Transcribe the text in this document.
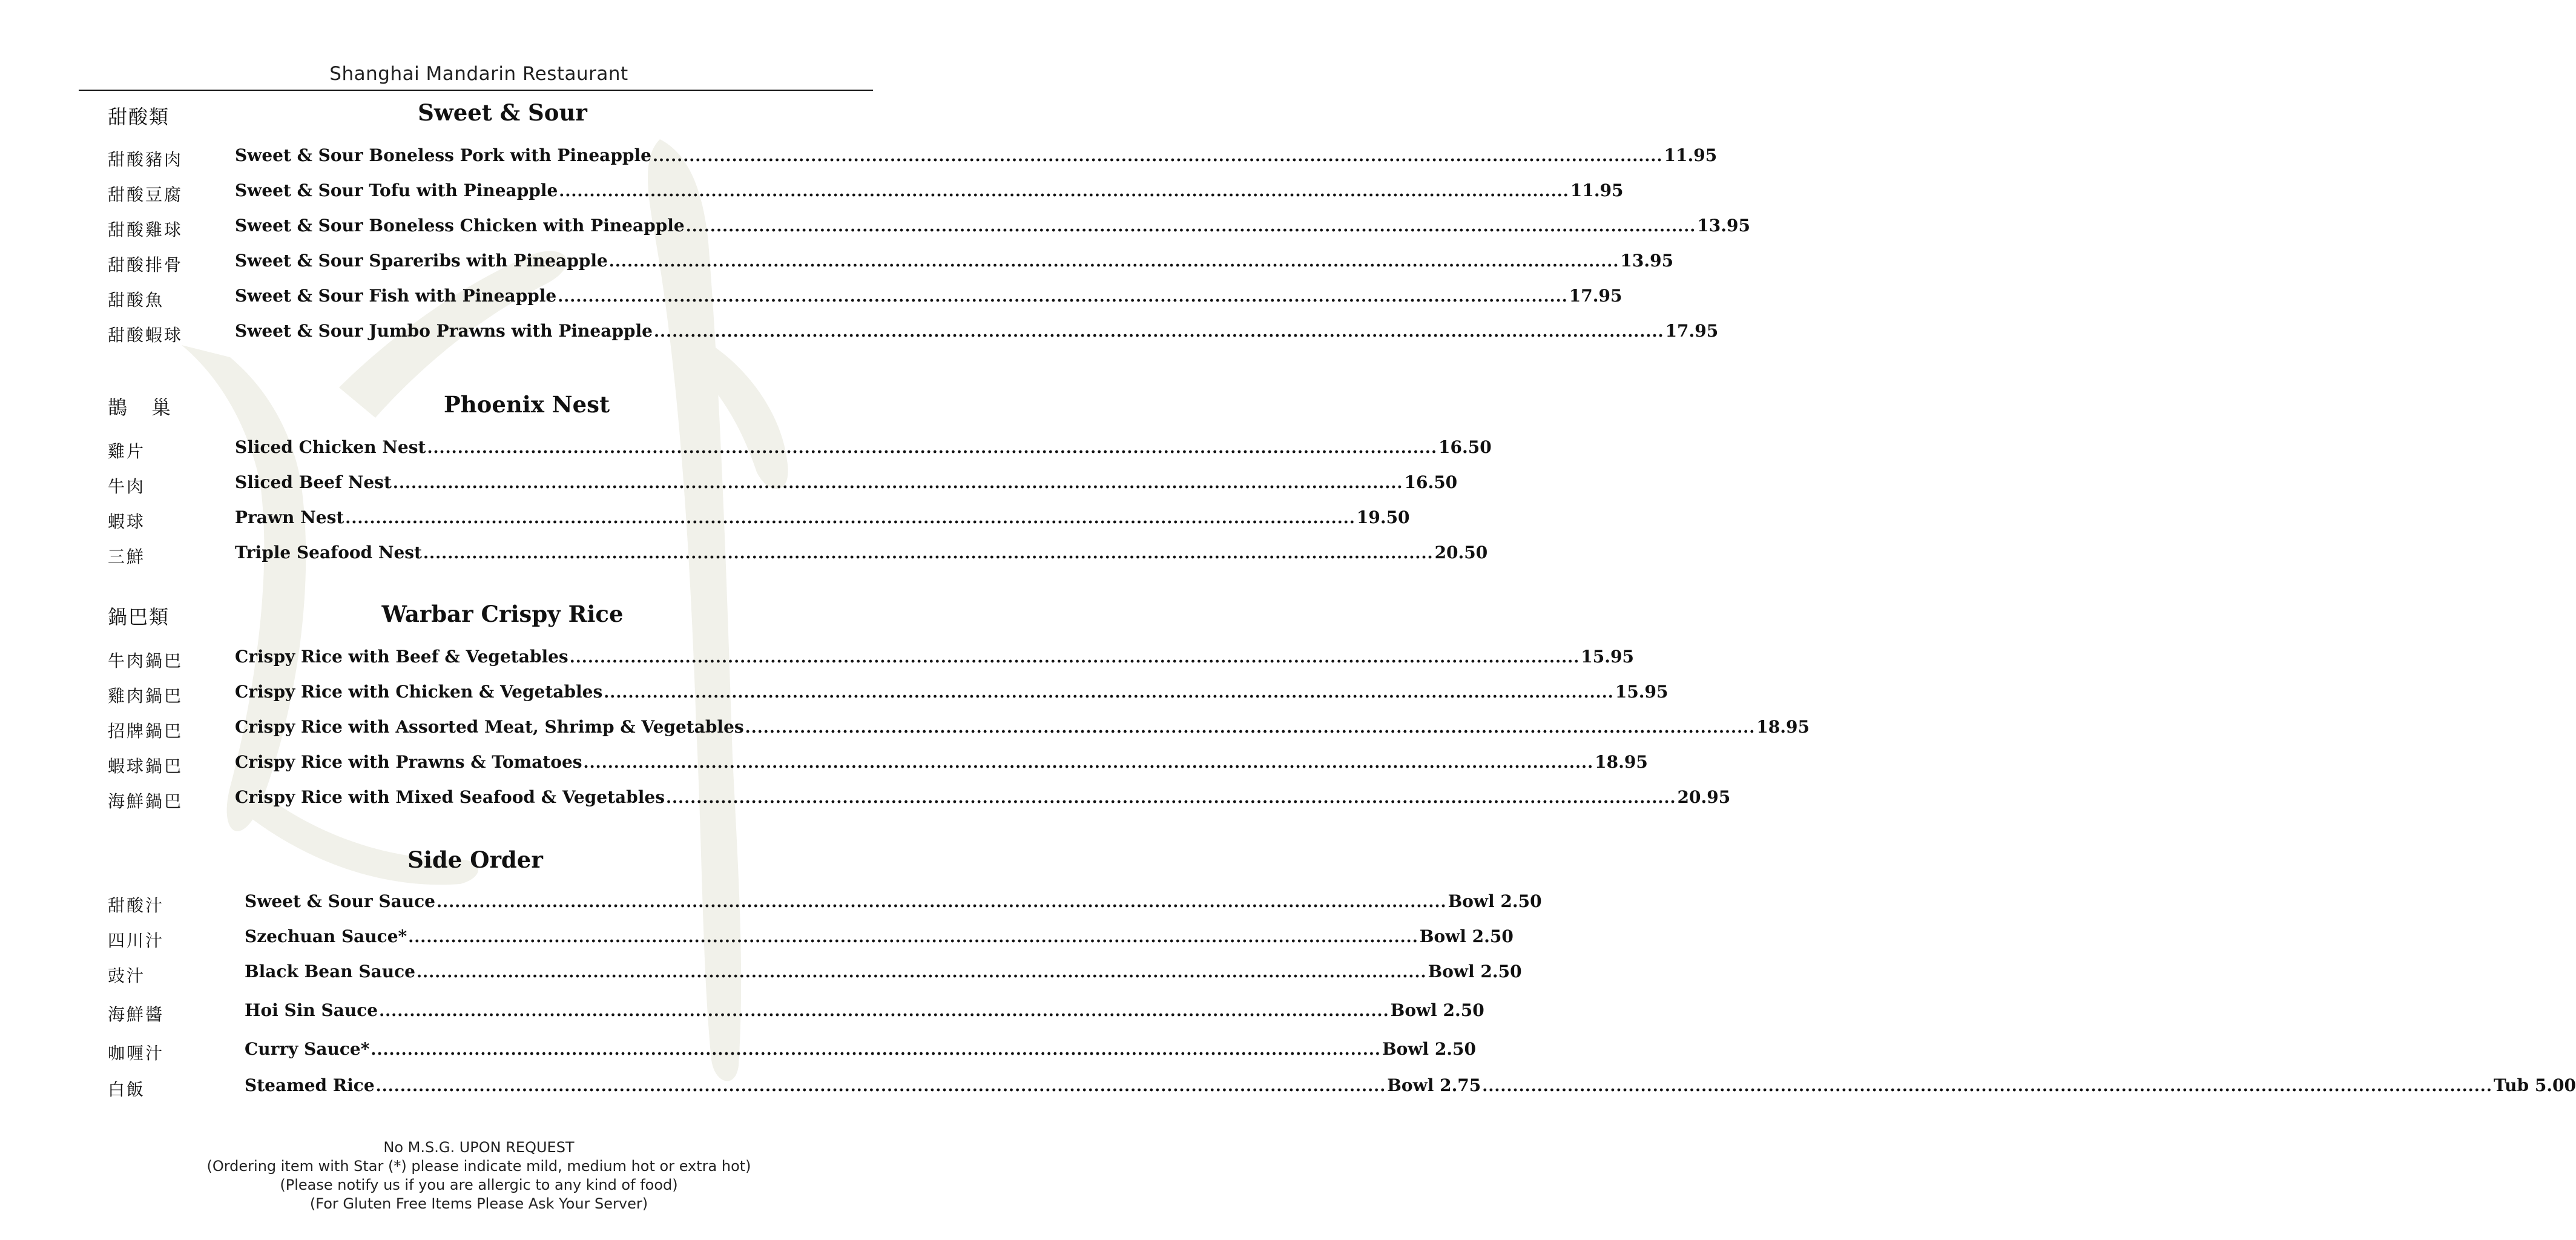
Shanghai Mandarin Restaurant
甜酸類	Sweet & Sour
甜酸豬肉	Sweet & Sour Boneless Pork with Pineapple ...................................................................................................................................................................... 11.95
甜酸豆腐	Sweet & Sour Tofu with Pineapple ...................................................................................................................................................................... 11.95
甜酸雞球	Sweet & Sour Boneless Chicken with Pineapple ...................................................................................................................................................................... 13.95
甜酸排骨	Sweet & Sour Spareribs with Pineapple ...................................................................................................................................................................... 13.95
甜酸魚	Sweet & Sour Fish with Pineapple ...................................................................................................................................................................... 17.95
甜酸蝦球	Sweet & Sour Jumbo Prawns with Pineapple ...................................................................................................................................................................... 17.95
鵲　巢	Phoenix Nest
雞片	Sliced Chicken Nest ...................................................................................................................................................................... 16.50
牛肉	Sliced Beef Nest ...................................................................................................................................................................... 16.50
蝦球	Prawn Nest ...................................................................................................................................................................... 19.50
三鮮	Triple Seafood Nest ...................................................................................................................................................................... 20.50
鍋巴類	Warbar Crispy Rice
牛肉鍋巴	Crispy Rice with Beef & Vegetables ...................................................................................................................................................................... 15.95
雞肉鍋巴	Crispy Rice with Chicken & Vegetables ...................................................................................................................................................................... 15.95
招牌鍋巴	Crispy Rice with Assorted Meat, Shrimp & Vegetables ...................................................................................................................................................................... 18.95
蝦球鍋巴	Crispy Rice with Prawns & Tomatoes ...................................................................................................................................................................... 18.95
海鮮鍋巴	Crispy Rice with Mixed Seafood & Vegetables ...................................................................................................................................................................... 20.95
Side Order
甜酸汁	Sweet & Sour Sauce ...................................................................................................................................................................... Bowl 2.50
四川汁	Szechuan Sauce* ...................................................................................................................................................................... Bowl 2.50
豉汁	Black Bean Sauce ...................................................................................................................................................................... Bowl 2.50
海鮮醬	Hoi Sin Sauce ...................................................................................................................................................................... Bowl 2.50
咖喱汁	Curry Sauce* ...................................................................................................................................................................... Bowl 2.50
白飯	Steamed Rice ...................................................................................................................................................................... Bowl 2.75 ...................................................................................................................................................................... Tub 5.00
No M.S.G. UPON REQUEST
(Ordering item with Star (*) please indicate mild, medium hot or extra hot)
(Please notify us if you are allergic to any kind of food)
(For Gluten Free Items Please Ask Your Server)
